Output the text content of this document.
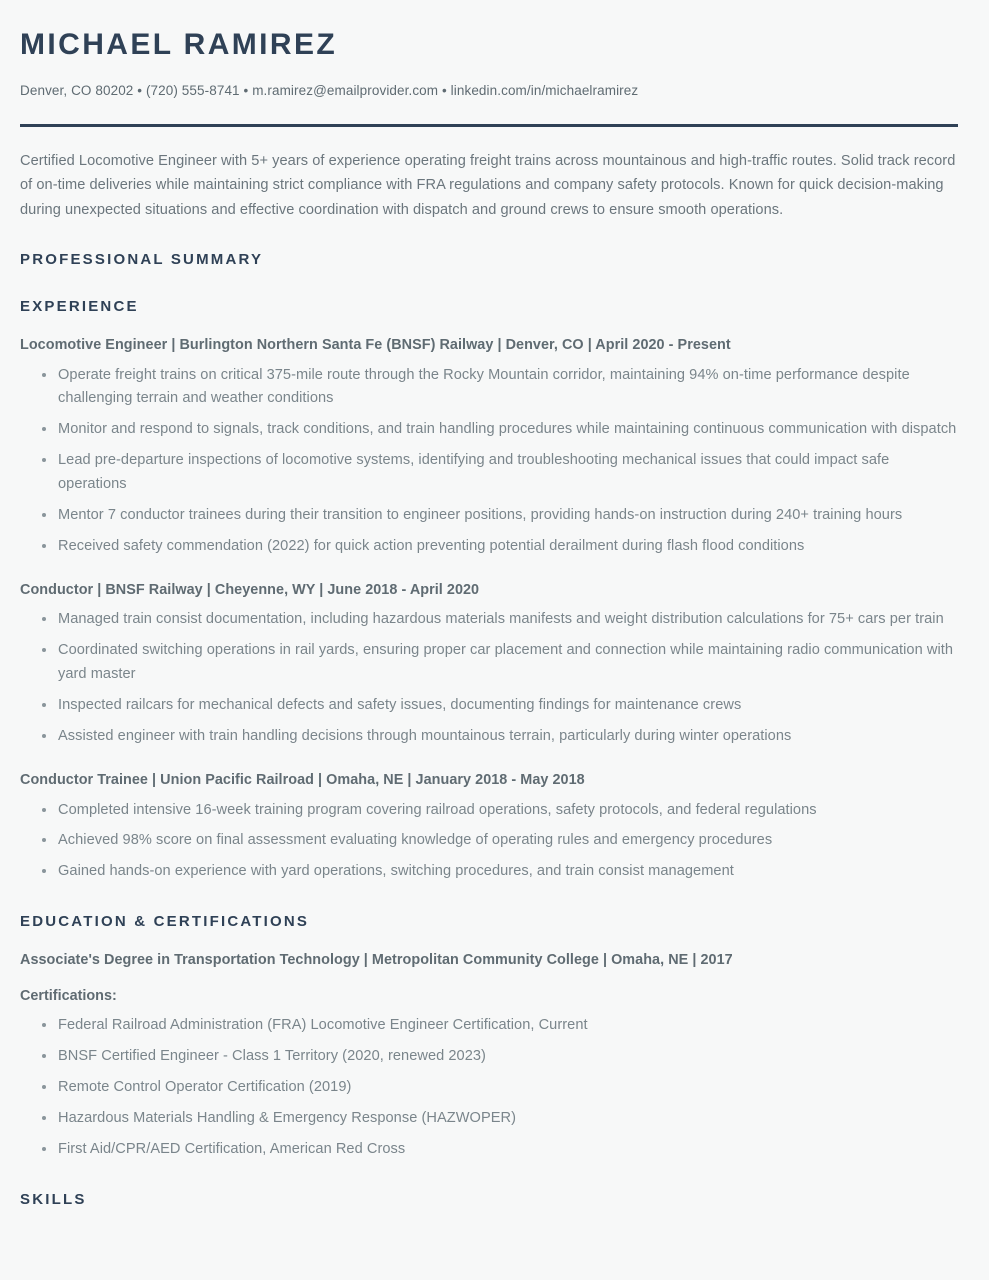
MICHAEL RAMIREZ
Denver, CO 80202 • (720) 555-8741 • m.ramirez@emailprovider.com • linkedin.com/in/michaelramirez

Certified Locomotive Engineer with 5+ years of experience operating freight trains across mountainous and high-traffic routes. Solid track record of on-time deliveries while maintaining strict compliance with FRA regulations and company safety protocols. Known for quick decision-making during unexpected situations and effective coordination with dispatch and ground crews to ensure smooth operations.

PROFESSIONAL SUMMARY
EXPERIENCE
Locomotive Engineer | Burlington Northern Santa Fe (BNSF) Railway | Denver, CO | April 2020 - Present
Operate freight trains on critical 375-mile route through the Rocky Mountain corridor, maintaining 94% on-time performance despite challenging terrain and weather conditions
Monitor and respond to signals, track conditions, and train handling procedures while maintaining continuous communication with dispatch
Lead pre-departure inspections of locomotive systems, identifying and troubleshooting mechanical issues that could impact safe operations
Mentor 7 conductor trainees during their transition to engineer positions, providing hands-on instruction during 240+ training hours
Received safety commendation (2022) for quick action preventing potential derailment during flash flood conditions
Conductor | BNSF Railway | Cheyenne, WY | June 2018 - April 2020
Managed train consist documentation, including hazardous materials manifests and weight distribution calculations for 75+ cars per train
Coordinated switching operations in rail yards, ensuring proper car placement and connection while maintaining radio communication with yard master
Inspected railcars for mechanical defects and safety issues, documenting findings for maintenance crews
Assisted engineer with train handling decisions through mountainous terrain, particularly during winter operations
Conductor Trainee | Union Pacific Railroad | Omaha, NE | January 2018 - May 2018
Completed intensive 16-week training program covering railroad operations, safety protocols, and federal regulations
Achieved 98% score on final assessment evaluating knowledge of operating rules and emergency procedures
Gained hands-on experience with yard operations, switching procedures, and train consist management
EDUCATION & CERTIFICATIONS
Associate's Degree in Transportation Technology | Metropolitan Community College | Omaha, NE | 2017
Certifications:
Federal Railroad Administration (FRA) Locomotive Engineer Certification, Current
BNSF Certified Engineer - Class 1 Territory (2020, renewed 2023)
Remote Control Operator Certification (2019)
Hazardous Materials Handling & Emergency Response (HAZWOPER)
First Aid/CPR/AED Certification, American Red Cross
SKILLS
